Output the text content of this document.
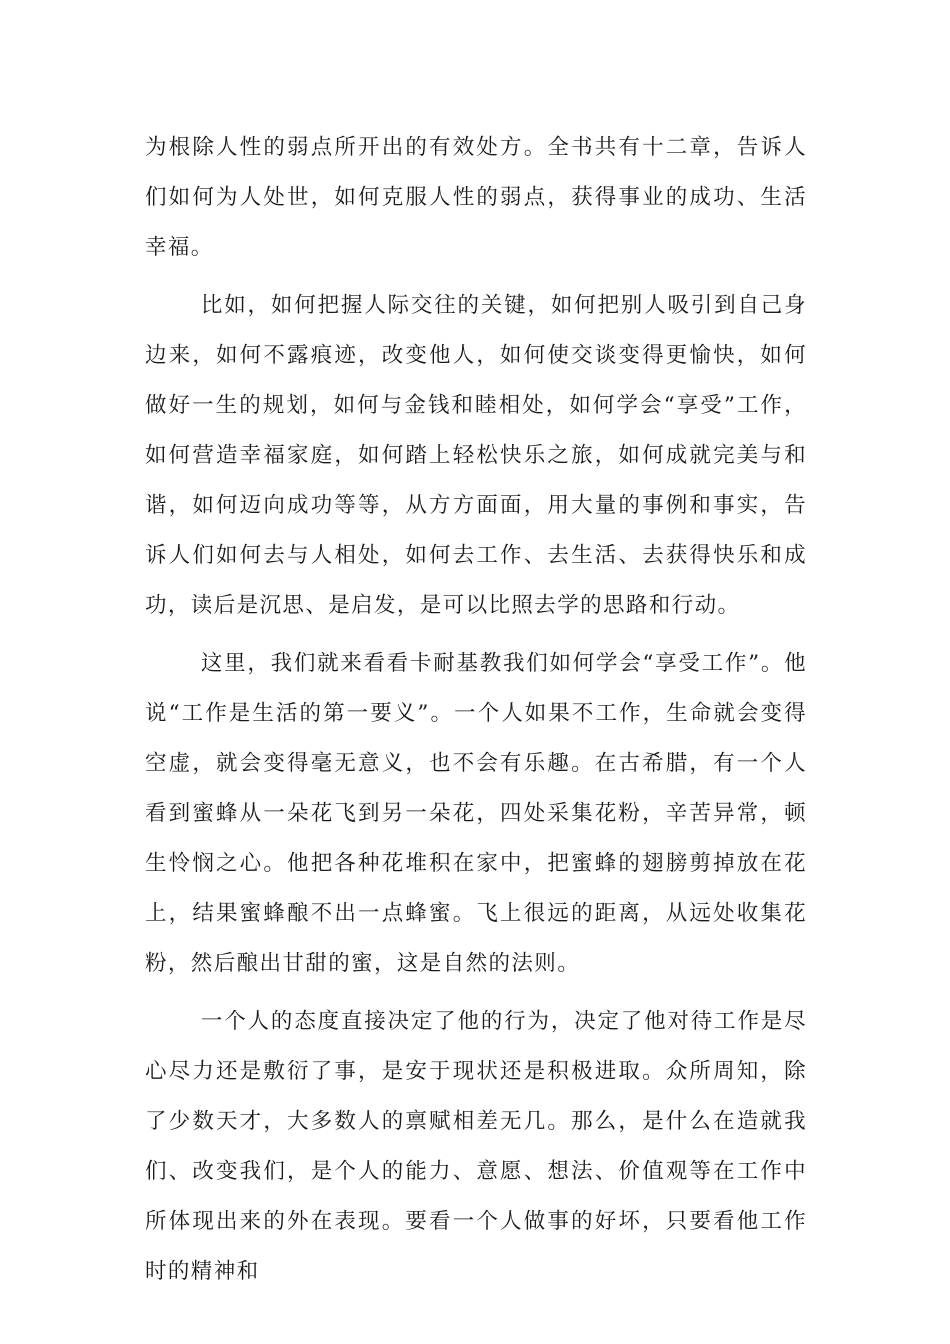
为根除人性的弱点所开出的有效处方。全书共有十二章，告诉人们如何为人处世，如何克服人性的弱点，获得事业的成功、生活幸福。

比如，如何把握人际交往的关键，如何把别人吸引到自己身边来，如何不露痕迹，改变他人，如何使交谈变得更愉快，如何做好一生的规划，如何与金钱和睦相处，如何学会“享受”工作，如何营造幸福家庭，如何踏上轻松快乐之旅，如何成就完美与和谐，如何迈向成功等等，从方方面面，用大量的事例和事实，告诉人们如何去与人相处，如何去工作、去生活、去获得快乐和成功，读后是沉思、是启发，是可以比照去学的思路和行动。

这里，我们就来看看卡耐基教我们如何学会“享受工作”。他说“工作是生活的第一要义”。一个人如果不工作，生命就会变得空虚，就会变得毫无意义，也不会有乐趣。在古希腊，有一个人看到蜜蜂从一朵花飞到另一朵花，四处采集花粉，辛苦异常，顿生怜悯之心。他把各种花堆积在家中，把蜜蜂的翅膀剪掉放在花上，结果蜜蜂酿不出一点蜂蜜。飞上很远的距离，从远处收集花粉，然后酿出甘甜的蜜，这是自然的法则。

一个人的态度直接决定了他的行为，决定了他对待工作是尽心尽力还是敷衍了事，是安于现状还是积极进取。众所周知，除了少数天才，大多数人的禀赋相差无几。那么，是什么在造就我们、改变我们，是个人的能力、意愿、想法、价值观等在工作中所体现出来的外在表现。要看一个人做事的好坏，只要看他工作时的精神和
